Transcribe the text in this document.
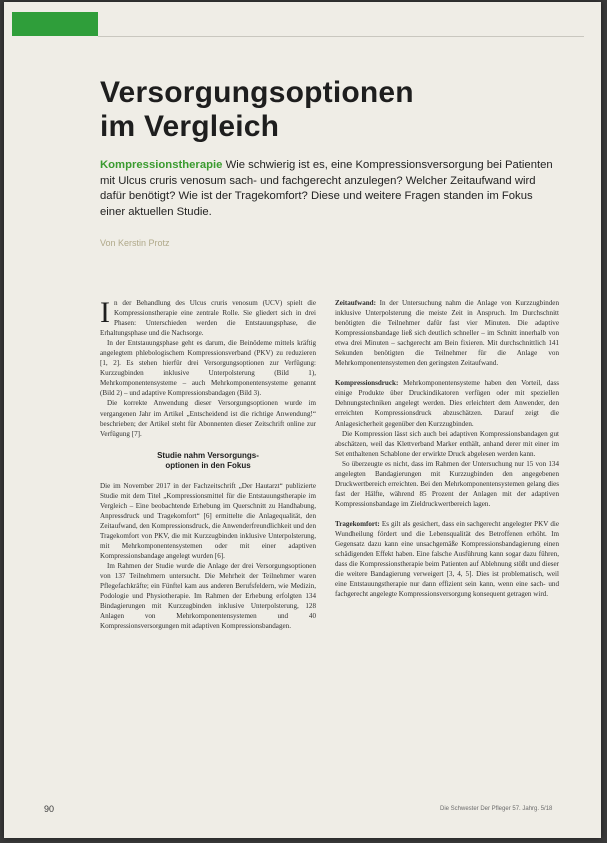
Versorgungsoptionen
im Vergleich

Kompressionstherapie Wie schwierig ist es, eine Kompressionsversorgung bei Patienten mit Ulcus cruris venosum sach- und fachgerecht anzulegen? Welcher Zeitaufwand wird dafür benötigt? Wie ist der Tragekomfort? Diese und weitere Fragen standen im Fokus einer aktuellen Studie.

Von Kerstin Protz

I n der Behandlung des Ulcus cruris venosum (UCV) spielt die Kompressionstherapie eine zentrale Rolle. Sie gliedert sich in drei Phasen: Unterschieden werden die Entstauungsphase, die Erhaltungsphase und die Nachsorge.

In der Entstauungsphase geht es darum, die Beinödeme mittels kräftig angelegtem phlebologischem Kompressionsverband (PKV) zu reduzieren [1, 2]. Es stehen hierfür drei Versorgungsoptionen zur Verfügung: Kurzzugbinden inklusive Unterpolsterung (Bild 1), Mehrkomponentensysteme – auch Mehrkomponentensysteme genannt (Bild 2) – und adaptive Kompressionsbandagen (Bild 3).

Die korrekte Anwendung dieser Versorgungsoptionen wurde im vergangenen Jahr im Artikel „Entscheidend ist die richtige Anwendung!“ beschrieben; der Artikel steht für Abonnenten dieser Zeitschrift online zur Verfügung [7].

Studie nahm Versorgungs-
optionen in den Fokus

Die im November 2017 in der Fachzeitschrift „Der Hautarzt“ publizierte Studie mit dem Titel „Kompressionsmittel für die Entstauungstherapie im Vergleich – Eine beobachtende Erhebung im Querschnitt zu Handhabung, Anpressdruck und Tragekomfort“ [6] ermittelte die Anlagequalität, den Zeitaufwand, den Kompressionsdruck, die Anwenderfreundlichkeit und den Tragekomfort von PKV, die mit Kurzzugbinden inklusive Unterpolsterung, mit Mehrkomponentensystemen oder mit einer adaptiven Kompressionsbandage angelegt wurden [6].

Im Rahmen der Studie wurde die Anlage der drei Versorgungsoptionen von 137 Teilnehmern untersucht. Die Mehrheit der Teilnehmer waren Pflegefachkräfte; ein Fünftel kam aus anderen Berufsfeldern, wie Medizin, Podologie und Physiotherapie. Im Rahmen der Erhebung erfolgten 134 Bindagierungen mit Kurzzugbinden inklusive Unterpolsterung, 128 Anlagen von Mehrkomponentensystemen und 40 Kompressionsversorgungen mit adaptiven Kompressionsbandagen.

Zeitaufwand: In der Untersuchung nahm die Anlage von Kurzzugbinden inklusive Unterpolsterung die meiste Zeit in Anspruch. Im Durchschnitt benötigten die Teilnehmer dafür fast vier Minuten. Die adaptive Kompressionsbandage ließ sich deutlich schneller – im Schnitt innerhalb von etwa drei Minuten – sachgerecht am Bein fixieren. Mit durchschnittlich 141 Sekunden benötigten die Teilnehmer für die Anlage von Mehrkomponentensystemen den geringsten Zeitaufwand.

Kompressionsdruck: Mehrkomponentensysteme haben den Vorteil, dass einige Produkte über Druckindikatoren verfügen oder mit speziellen Dehnungstechniken angelegt werden. Dies erleichtert dem Anwender, den erreichten Kompressionsdruck abzuschätzen. Darauf zeigt die Anlagesicherheit gegenüber den Kurzzugbinden.

Die Kompression lässt sich auch bei adaptiven Kompressionsbandagen gut abschätzen, weil das Klettverband Marker enthält, anhand derer mit einer im Set enthaltenen Schablone der erwirkte Druck abgelesen werden kann.

So überzeugte es nicht, dass im Rahmen der Untersuchung nur 15 von 134 angelegten Bandagierungen mit Kurzzugbinden den angegebenen Druckwertbereich erreichten. Bei den Mehrkomponentensystemen gelang dies fast der Hälfte, während 85 Prozent der Anlagen mit der adaptiven Kompressionsbandage im Zieldruckwertbereich lagen.

Tragekomfort: Es gilt als gesichert, dass ein sachgerecht angelegter PKV die Wundheilung fördert und die Lebensqualität des Betroffenen erhöht. Im Gegensatz dazu kann eine unsachgemäße Kompressionsbandagierung einen schädigenden Effekt haben. Eine falsche Ausführung kann sogar dazu führen, dass die Kompressionstherapie beim Patienten auf Ablehnung stößt und dieser die weitere Bandagierung verweigert [3, 4, 5]. Dies ist problematisch, weil eine Entstauungstherapie nur dann effizient sein kann, wenn eine sach- und fachgerecht angelegte Kompressionsversorgung konsequent getragen wird.

90	Die Schwester Der Pfleger 57. Jahrg. 5/18
